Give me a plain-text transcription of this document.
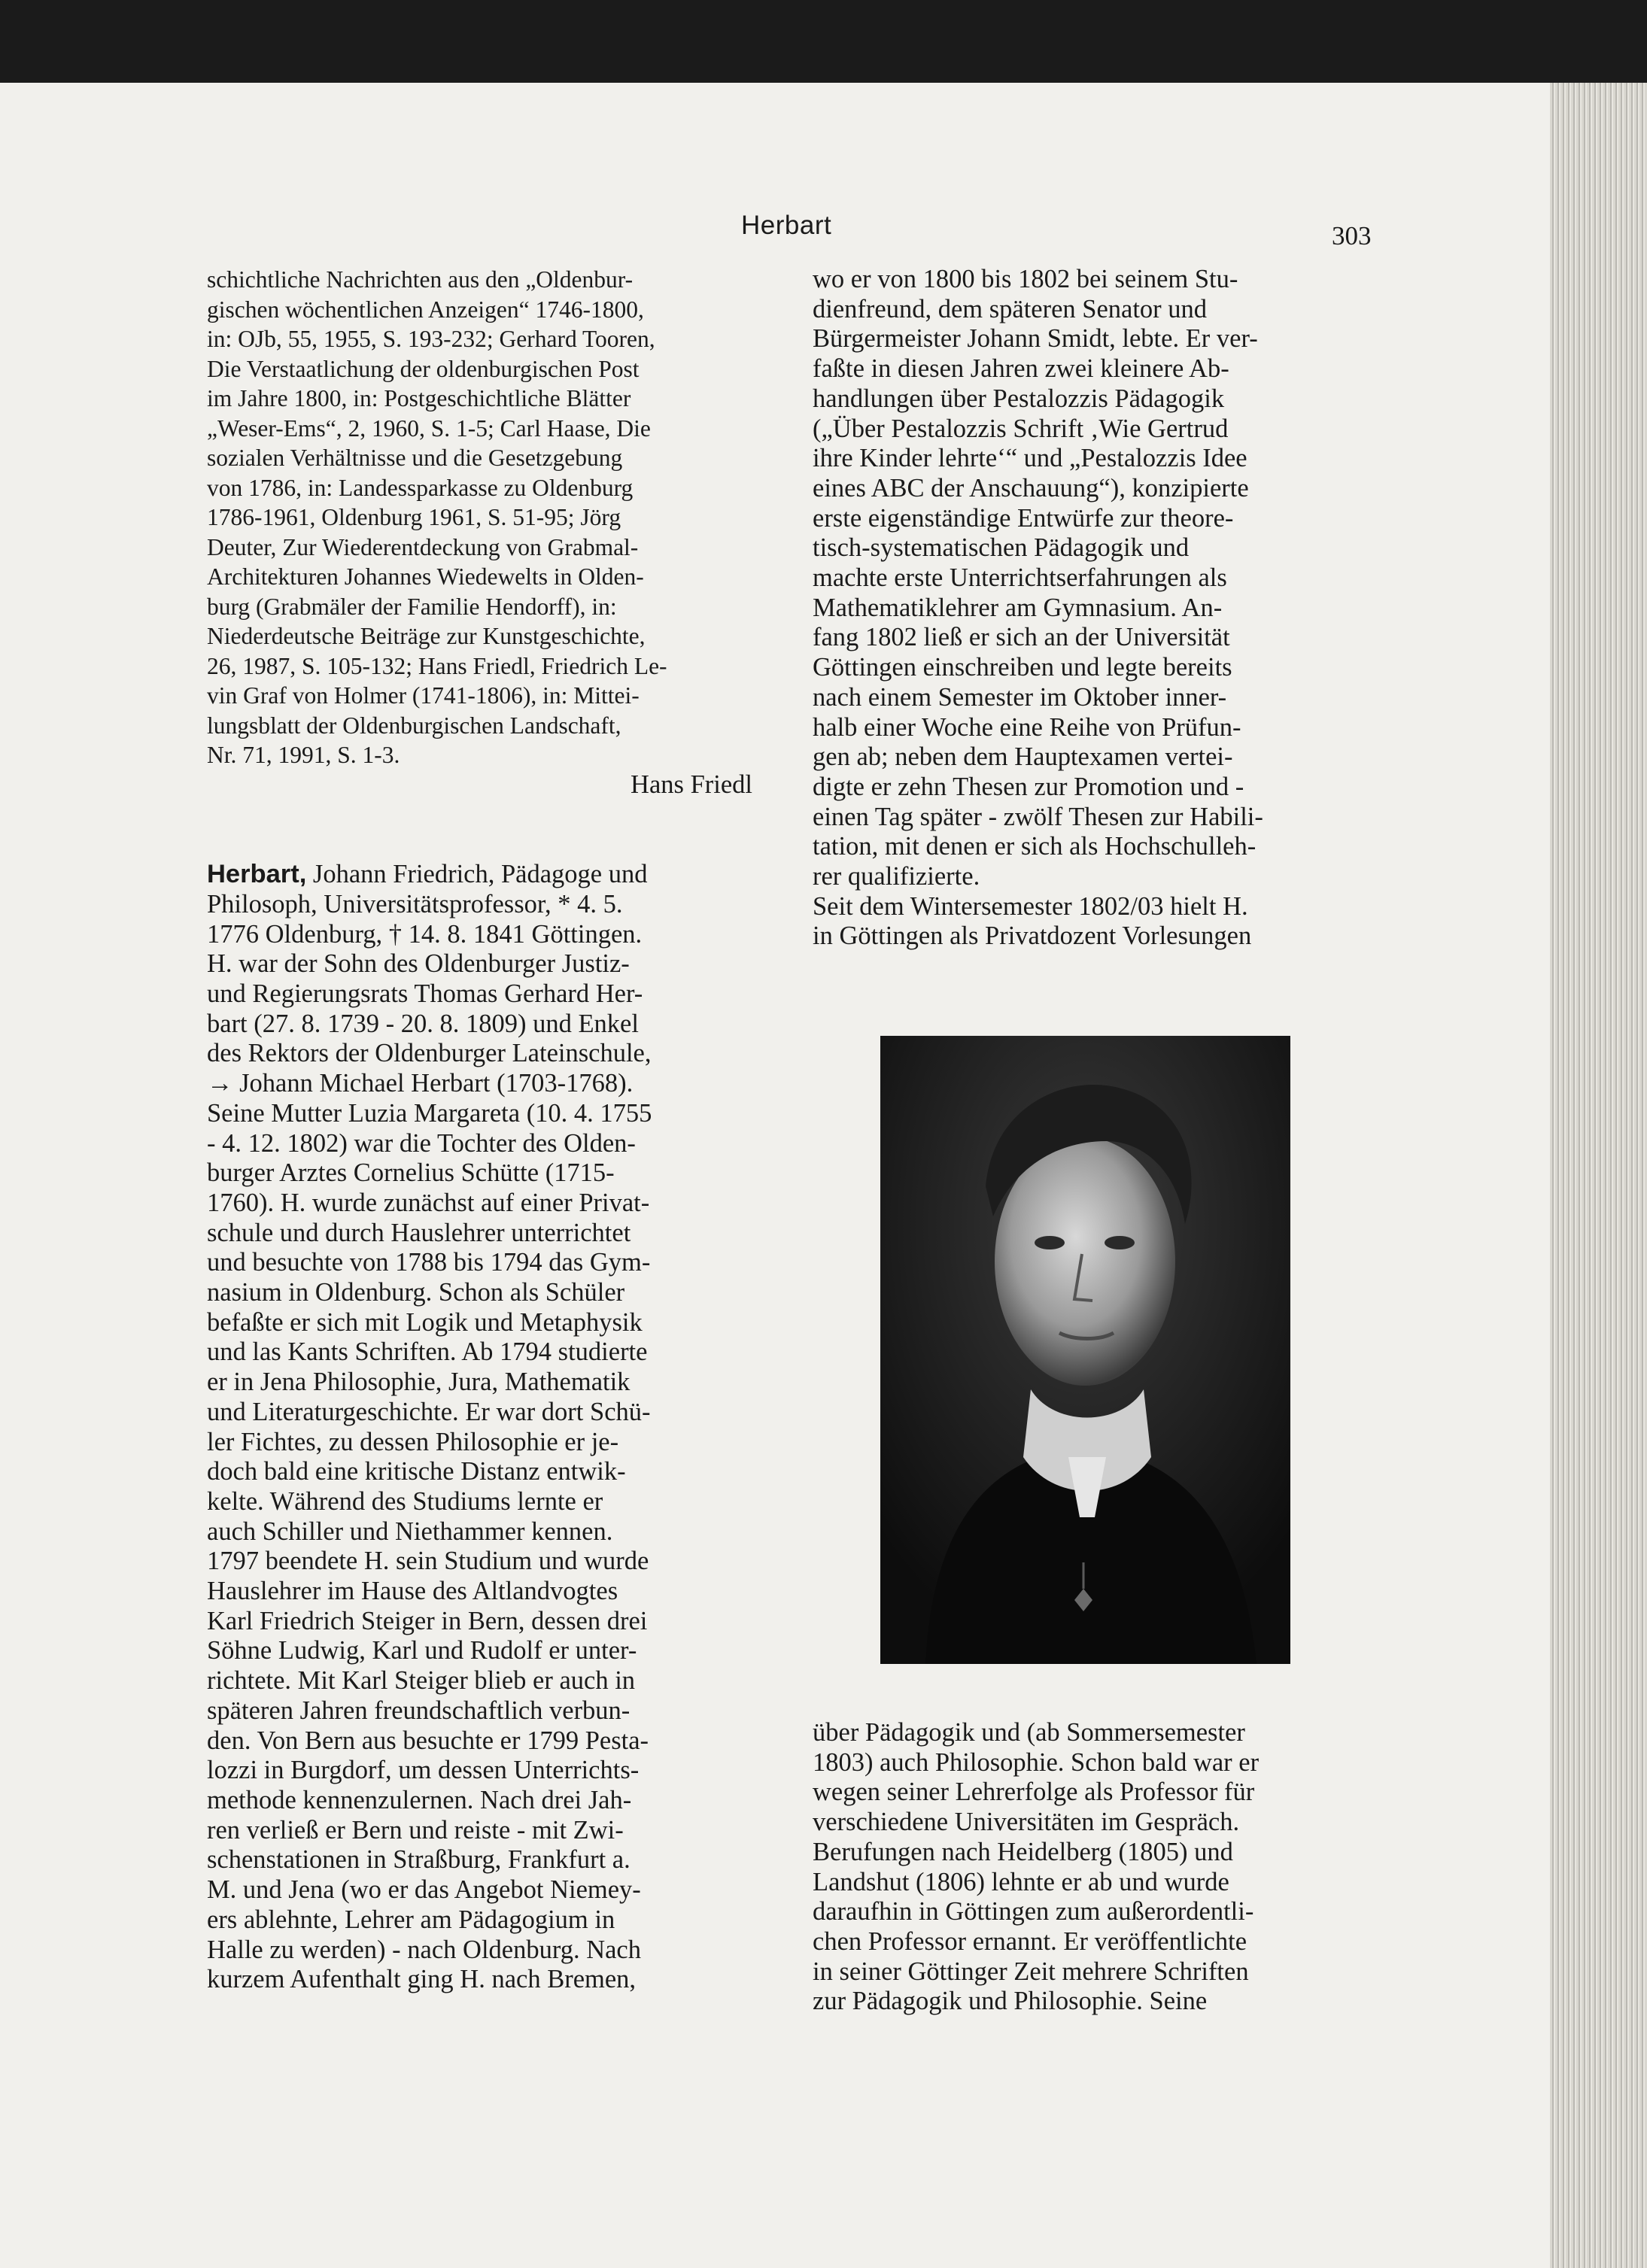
Herbart	303
schichtliche Nachrichten aus den „Oldenbur-
gischen wöchentlichen Anzeigen“ 1746-1800,
in: OJb, 55, 1955, S. 193-232; Gerhard Tooren,
Die Verstaatlichung der oldenburgischen Post
im Jahre 1800, in: Postgeschichtliche Blätter
„Weser-Ems“, 2, 1960, S. 1-5; Carl Haase, Die
sozialen Verhältnisse und die Gesetzgebung
von 1786, in: Landessparkasse zu Oldenburg
1786-1961, Oldenburg 1961, S. 51-95; Jörg
Deuter, Zur Wiederentdeckung von Grabmal-
Architekturen Johannes Wiedewelts in Olden-
burg (Grabmäler der Familie Hendorff), in:
Niederdeutsche Beiträge zur Kunstgeschichte,
26, 1987, S. 105-132; Hans Friedl, Friedrich Le-
vin Graf von Holmer (1741-1806), in: Mittei-
lungsblatt der Oldenburgischen Landschaft,
Nr. 71, 1991, S. 1-3.
Hans Friedl
Herbart, Johann Friedrich, Pädagoge und
Philosoph, Universitätsprofessor, * 4. 5.
1776 Oldenburg, † 14. 8. 1841 Göttingen.
H. war der Sohn des Oldenburger Justiz-
und Regierungsrats Thomas Gerhard Her-
bart (27. 8. 1739 - 20. 8. 1809) und Enkel
des Rektors der Oldenburger Lateinschule,
→ Johann Michael Herbart (1703-1768).
Seine Mutter Luzia Margareta (10. 4. 1755
- 4. 12. 1802) war die Tochter des Olden-
burger Arztes Cornelius Schütte (1715-
1760). H. wurde zunächst auf einer Privat-
schule und durch Hauslehrer unterrichtet
und besuchte von 1788 bis 1794 das Gym-
nasium in Oldenburg. Schon als Schüler
befaßte er sich mit Logik und Metaphysik
und las Kants Schriften. Ab 1794 studierte
er in Jena Philosophie, Jura, Mathematik
und Literaturgeschichte. Er war dort Schü-
ler Fichtes, zu dessen Philosophie er je-
doch bald eine kritische Distanz entwik-
kelte. Während des Studiums lernte er
auch Schiller und Niethammer kennen.
1797 beendete H. sein Studium und wurde
Hauslehrer im Hause des Altlandvogtes
Karl Friedrich Steiger in Bern, dessen drei
Söhne Ludwig, Karl und Rudolf er unter-
richtete. Mit Karl Steiger blieb er auch in
späteren Jahren freundschaftlich verbun-
den. Von Bern aus besuchte er 1799 Pesta-
lozzi in Burgdorf, um dessen Unterrichts-
methode kennenzulernen. Nach drei Jah-
ren verließ er Bern und reiste - mit Zwi-
schenstationen in Straßburg, Frankfurt a.
M. und Jena (wo er das Angebot Niemey-
ers ablehnte, Lehrer am Pädagogium in
Halle zu werden) - nach Oldenburg. Nach
kurzem Aufenthalt ging H. nach Bremen,
wo er von 1800 bis 1802 bei seinem Stu-
dienfreund, dem späteren Senator und
Bürgermeister Johann Smidt, lebte. Er ver-
faßte in diesen Jahren zwei kleinere Ab-
handlungen über Pestalozzis Pädagogik
(„Über Pestalozzis Schrift ‚Wie Gertrud
ihre Kinder lehrte‘“ und „Pestalozzis Idee
eines ABC der Anschauung“), konzipierte
erste eigenständige Entwürfe zur theore-
tisch-systematischen Pädagogik und
machte erste Unterrichtserfahrungen als
Mathematiklehrer am Gymnasium. An-
fang 1802 ließ er sich an der Universität
Göttingen einschreiben und legte bereits
nach einem Semester im Oktober inner-
halb einer Woche eine Reihe von Prüfun-
gen ab; neben dem Hauptexamen vertei-
digte er zehn Thesen zur Promotion und -
einen Tag später - zwölf Thesen zur Habili-
tation, mit denen er sich als Hochschulleh-
rer qualifizierte.
Seit dem Wintersemester 1802/03 hielt H.
in Göttingen als Privatdozent Vorlesungen
über Pädagogik und (ab Sommersemester
1803) auch Philosophie. Schon bald war er
wegen seiner Lehrerfolge als Professor für
verschiedene Universitäten im Gespräch.
Berufungen nach Heidelberg (1805) und
Landshut (1806) lehnte er ab und wurde
daraufhin in Göttingen zum außerordentli-
chen Professor ernannt. Er veröffentlichte
in seiner Göttinger Zeit mehrere Schriften
zur Pädagogik und Philosophie. Seine
